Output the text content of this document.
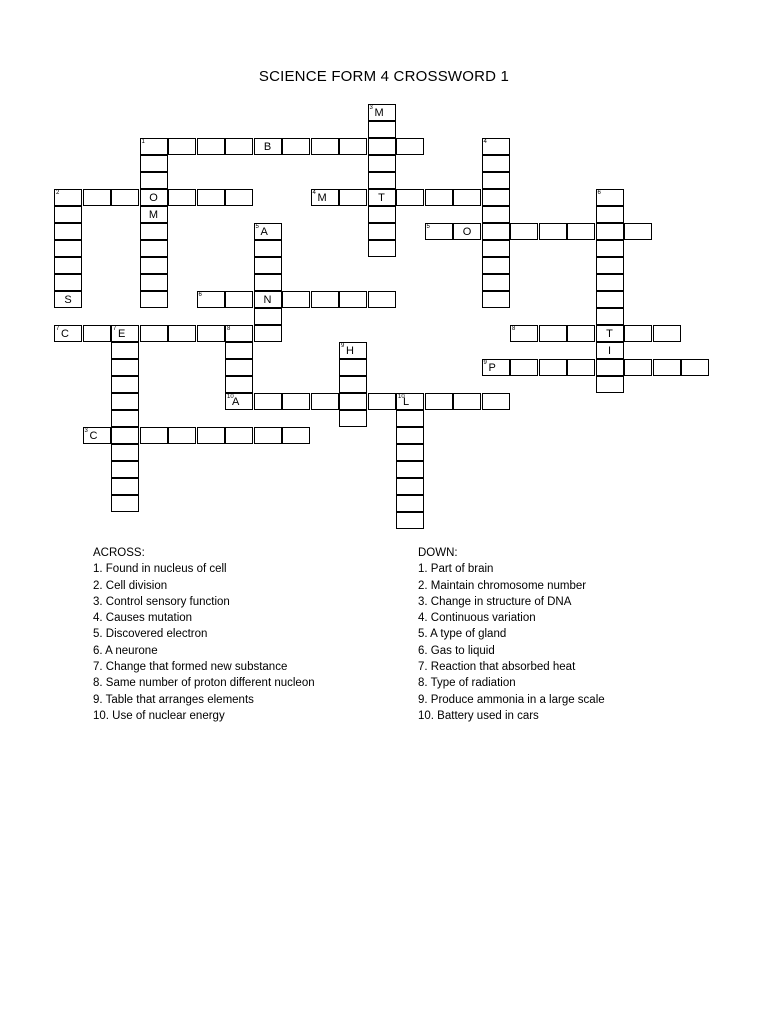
SCIENCE FORM 4 CROSSWORD 1
1	B
2	O	4 M	T
5	O
6	N
7 C	E
7	8	8	T
9 P
10
A	10
L
3 C
3 M
M
S
5 A
9 H
6
I
4
ACROSS:
1. Found in nucleus of cell
2. Cell division
3. Control sensory function
4. Causes mutation
5. Discovered electron
6. A neurone
7. Change that formed new substance
8. Same number of proton different nucleon
9. Table that arranges elements
10. Use of nuclear energy
DOWN:
1. Part of brain
2. Maintain chromosome number
3. Change in structure of DNA
4. Continuous variation
5. A type of gland
6. Gas to liquid
7. Reaction that absorbed heat
8. Type of radiation
9. Produce ammonia in a large scale
10. Battery used in cars
